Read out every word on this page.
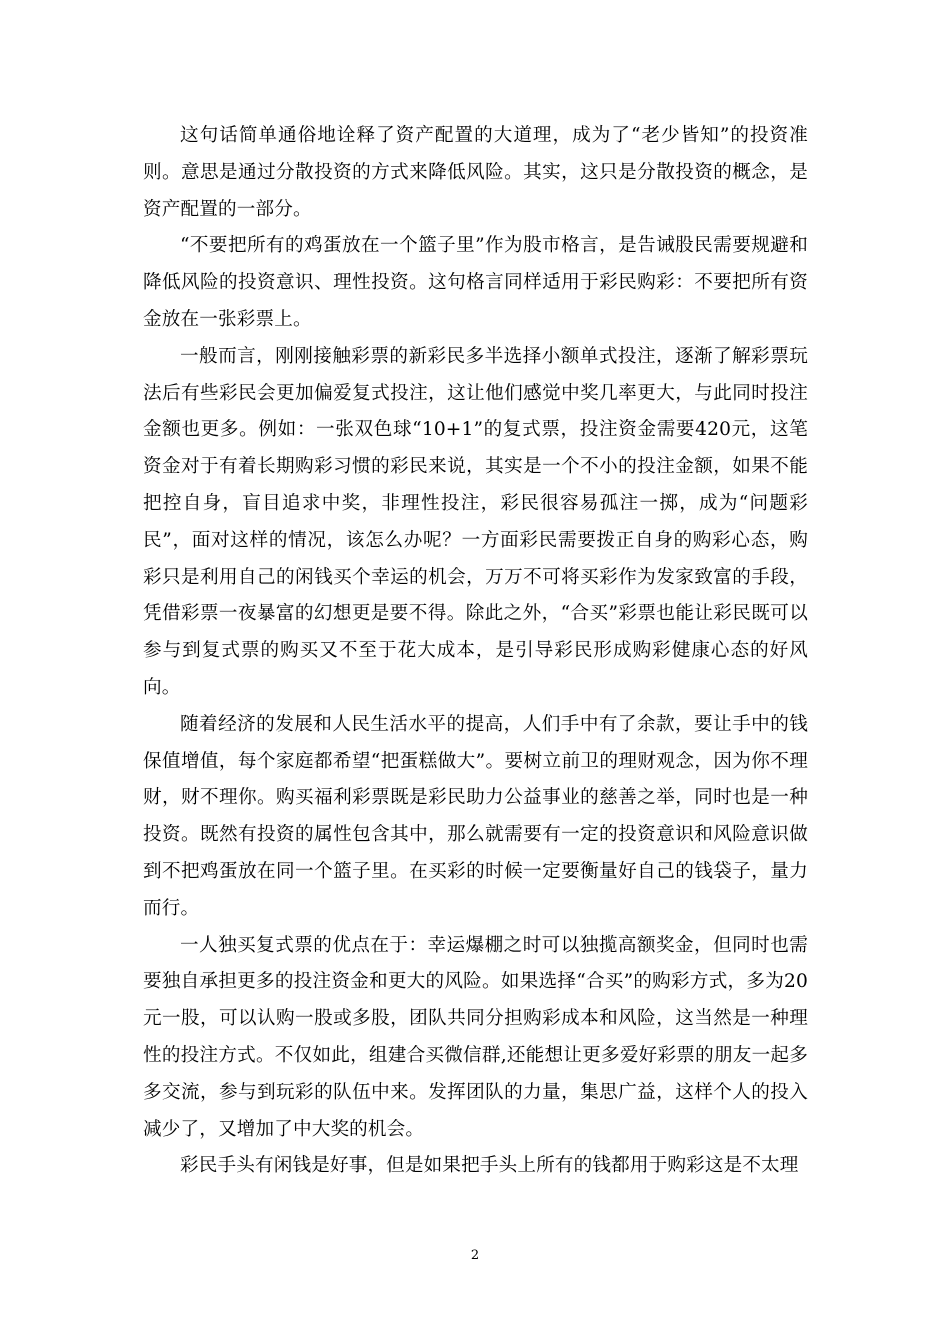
这句话简单通俗地诠释了资产配置的大道理，成为了“老少皆知”的投资准则。意思是通过分散投资的方式来降低风险。其实，这只是分散投资的概念，是资产配置的一部分。

“不要把所有的鸡蛋放在一个篮子里”作为股市格言，是告诫股民需要规避和降低风险的投资意识、理性投资。这句格言同样适用于彩民购彩：不要把所有资金放在一张彩票上。

一般而言，刚刚接触彩票的新彩民多半选择小额单式投注，逐渐了解彩票玩法后有些彩民会更加偏爱复式投注，这让他们感觉中奖几率更大，与此同时投注金额也更多。例如：一张双色球“10+1”的复式票，投注资金需要420元，这笔资金对于有着长期购彩习惯的彩民来说，其实是一个不小的投注金额，如果不能把控自身，盲目追求中奖，非理性投注，彩民很容易孤注一掷，成为“问题彩民”，面对这样的情况，该怎么办呢？一方面彩民需要拨正自身的购彩心态，购彩只是利用自己的闲钱买个幸运的机会，万万不可将买彩作为发家致富的手段，凭借彩票一夜暴富的幻想更是要不得。除此之外，“合买”彩票也能让彩民既可以参与到复式票的购买又不至于花大成本，是引导彩民形成购彩健康心态的好风向。

随着经济的发展和人民生活水平的提高，人们手中有了余款，要让手中的钱保值增值，每个家庭都希望“把蛋糕做大”。要树立前卫的理财观念，因为你不理财，财不理你。购买福利彩票既是彩民助力公益事业的慈善之举，同时也是一种投资。既然有投资的属性包含其中，那么就需要有一定的投资意识和风险意识做到不把鸡蛋放在同一个篮子里。在买彩的时候一定要衡量好自己的钱袋子，量力而行。

一人独买复式票的优点在于：幸运爆棚之时可以独揽高额奖金，但同时也需要独自承担更多的投注资金和更大的风险。如果选择“合买”的购彩方式，多为20元一股，可以认购一股或多股，团队共同分担购彩成本和风险，这当然是一种理性的投注方式。不仅如此，组建合买微信群,还能想让更多爱好彩票的朋友一起多多交流，参与到玩彩的队伍中来。发挥团队的力量，集思广益，这样个人的投入减少了，又增加了中大奖的机会。

彩民手头有闲钱是好事，但是如果把手头上所有的钱都用于购彩这是不太理

2
